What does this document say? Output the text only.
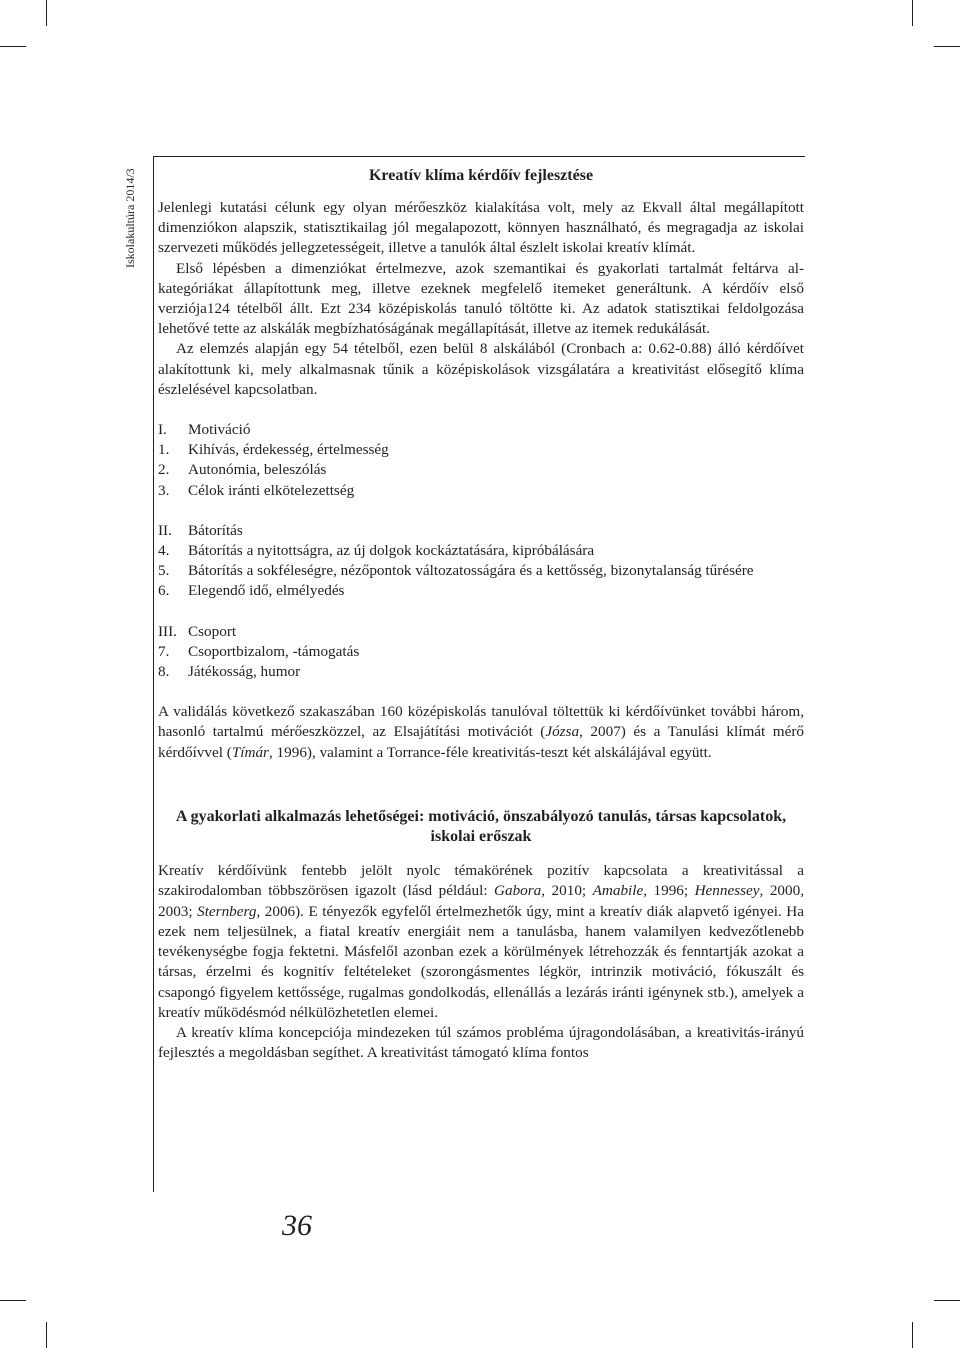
Iskolakultúra 2014/3	Kreatív klíma kérdőív fejlesztése

Jelenlegi kutatási célunk egy olyan mérőeszköz kialakítása volt, mely az Ekvall által megállapított dimenziókon alapszik, statisztikailag jól megalapozott, könnyen használható, és megragadja az iskolai szervezeti működés jellegzetességeit, illetve a tanulók által észlelt iskolai kreatív klímát.

Első lépésben a dimenziókat értelmezve, azok szemantikai és gyakorlati tartalmát feltárva al-kategóriákat állapítottunk meg, illetve ezeknek megfelelő itemeket generáltunk. A kérdőív első verziója124 tételből állt. Ezt 234 középiskolás tanuló töltötte ki. Az adatok statisztikai feldolgozása lehetővé tette az alskálák megbízhatóságának megállapítását, illetve az itemek redukálását.

Az elemzés alapján egy 54 tételből, ezen belül 8 alskálából (Cronbach a: 0.62-0.88) álló kérdőívet alakítottunk ki, mely alkalmasnak tűnik a középiskolások vizsgálatára a kreativitást elősegítő klíma észlelésével kapcsolatban.

I.	Motiváció
1.	Kihívás, érdekesség, értelmesség
2.	Autonómia, beleszólás
3.	Célok iránti elkötelezettség
II.	Bátorítás
4.	Bátorítás a nyitottságra, az új dolgok kockáztatására, kipróbálására
5.	Bátorítás a sokféleségre, nézőpontok változatosságára és a kettősség, bizonytalanság tűrésére
6.	Elegendő idő, elmélyedés
III. Csoport
7.	Csoportbizalom, -támogatás
8.	Játékosság, humor

A validálás következő szakaszában 160 középiskolás tanulóval töltettük ki kérdőívünket további három, hasonló tartalmú mérőeszközzel, az Elsajátítási motivációt (Józsa, 2007) és a Tanulási klímát mérő kérdőívvel (Tímár, 1996), valamint a Torrance-féle kreativitás-teszt két alskálájával együtt.

A gyakorlati alkalmazás lehetőségei: motiváció, önszabályozó tanulás, társas kapcsolatok, iskolai erőszak

Kreatív kérdőívünk fentebb jelölt nyolc témakörének pozitív kapcsolata a kreativitással a szakirodalomban többszörösen igazolt (lásd például: Gabora, 2010; Amabile, 1996; Hennessey, 2000, 2003; Sternberg, 2006). E tényezők egyfelől értelmezhetők úgy, mint a kreatív diák alapvető igényei. Ha ezek nem teljesülnek, a fiatal kreatív energiáit nem a tanulásba, hanem valamilyen kedvezőtlenebb tevékenységbe fogja fektetni. Másfelől azonban ezek a körülmények létrehozzák és fenntartják azokat a társas, érzelmi és kognitív feltételeket (szorongásmentes légkör, intrinzik motiváció, fókuszált és csapongó figyelem kettőssége, rugalmas gondolkodás, ellenállás a lezárás iránti igénynek stb.), amelyek a kreatív működésmód nélkülözhetetlen elemei.

A kreatív klíma koncepciója mindezeken túl számos probléma újragondolásában, a kreativitás-irányú fejlesztés a megoldásban segíthet. A kreativitást támogató klíma fontos

36
